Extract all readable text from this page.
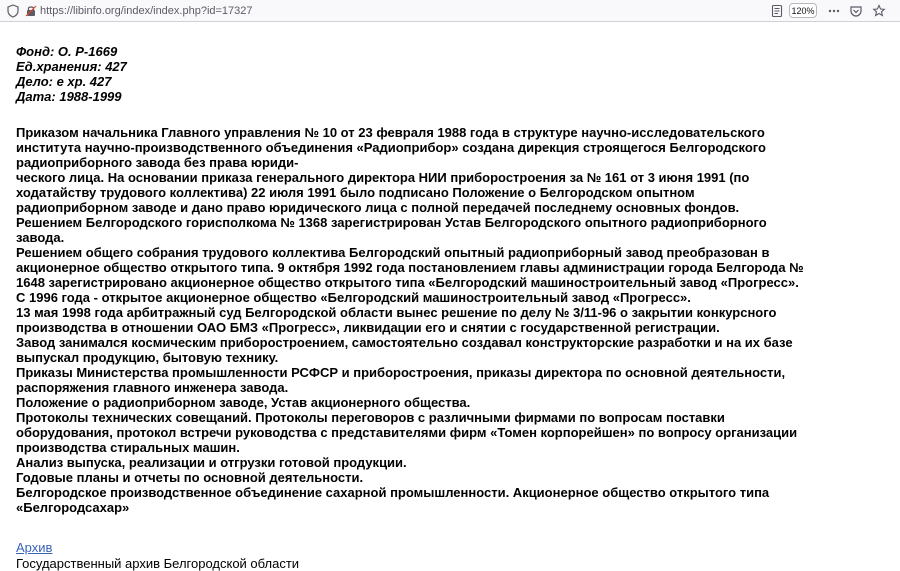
https://libinfo.org/index/index.php?id=17327	120%
Фонд: О. Р-1669
Ед.хранения: 427
Дело: е хр. 427
Дата: 1988-1999
Приказом начальника Главного управления № 10 от 23 февраля 1988 года в структуре научно-исследовательского
института научно-производственного объединения «Радиоприбор» создана дирекция строящегося Белгородского
радиоприборного завода без права юриди-
ческого лица. На основании приказа генерального директора НИИ приборостроения за № 161 от 3 июня 1991 (по
ходатайству трудового коллектива) 22 июля 1991 было подписано Положение о Белгородском опытном
радиоприборном заводе и дано право юридического лица с полной передачей последнему основных фондов.
Решением Белгородского горисполкома № 1368 зарегистрирован Устав Белгородского опытного радиоприборного
завода.
Решением общего собрания трудового коллектива Белгородский опытный радиоприборный завод преобразован в
акционерное общество открытого типа. 9 октября 1992 года постановлением главы администрации города Белгорода №
1648 зарегистрировано акционерное общество открытого типа «Белгородский машиностроительный завод «Прогресс».
С 1996 года - открытое акционерное общество «Белгородский машиностроительный завод «Прогресс».
13 мая 1998 года арбитражный суд Белгородской области вынес решение по делу № 3/11-96 о закрытии конкурсного
производства в отношении ОАО БМЗ «Прогресс», ликвидации его и снятии с государственной регистрации.
Завод занимался космическим приборостроением, самостоятельно создавал конструкторские разработки и на их базе
выпускал продукцию, бытовую технику.
Приказы Министерства промышленности РСФСР и приборостроения, приказы директора по основной деятельности,
распоряжения главного инженера завода.
Положение о радиоприборном заводе, Устав акционерного общества.
Протоколы технических совещаний. Протоколы переговоров с различными фирмами по вопросам поставки
оборудования, протокол встречи руководства с представителями фирм «Томен корпорейшен» по вопросу организации
производства стиральных машин.
Анализ выпуска, реализации и отгрузки готовой продукции.
Годовые планы и отчеты по основной деятельности.
Белгородское производственное объединение сахарной промышленности. Акционерное общество открытого типа
«Белгородсахар»
Архив
Государственный архив Белгородской области
